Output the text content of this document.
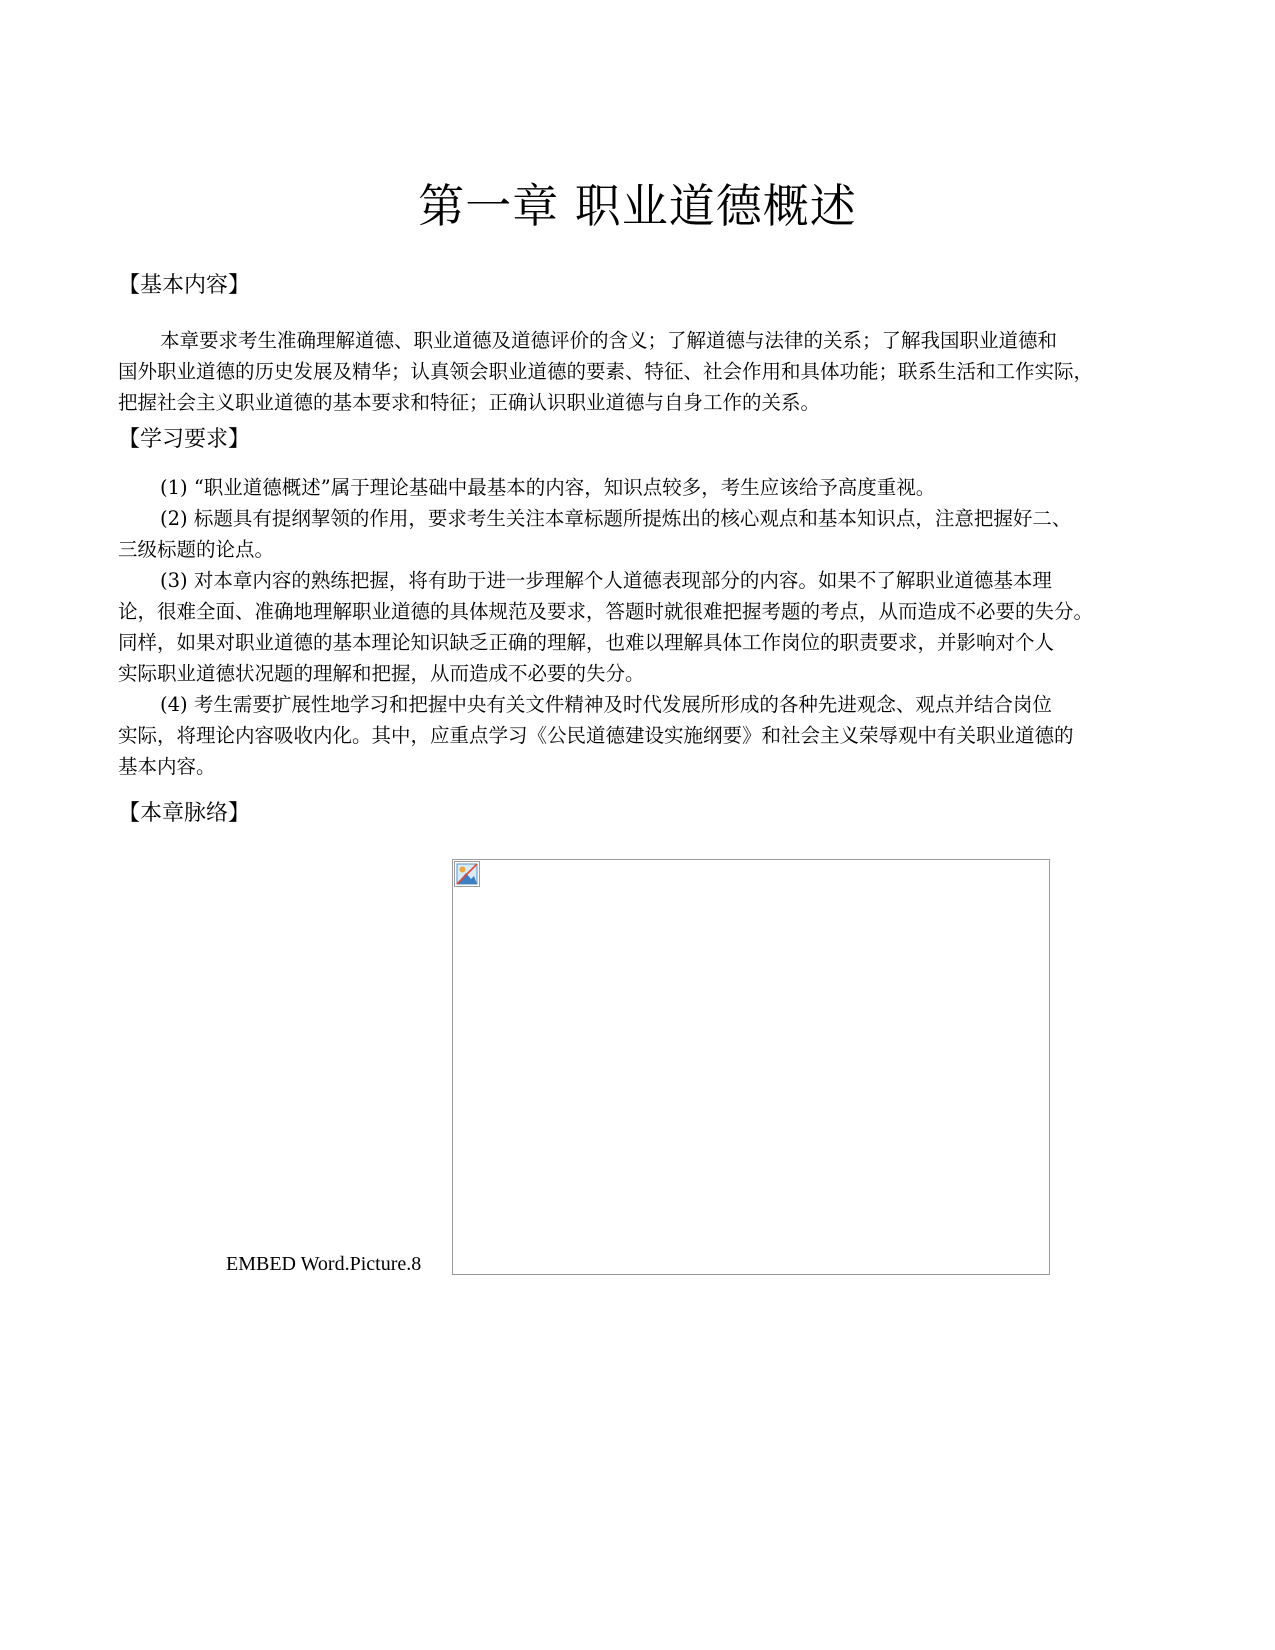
第一章 职业道德概述
【基本内容】
本章要求考生准确理解道德、职业道德及道德评价的含义；了解道德与法律的关系；了解我国职业道德和
国外职业道德的历史发展及精华；认真领会职业道德的要素、特征、社会作用和具体功能；联系生活和工作实际，
把握社会主义职业道德的基本要求和特征；正确认识职业道德与自身工作的关系。
【学习要求】
(1) “职业道德概述”属于理论基础中最基本的内容，知识点较多，考生应该给予高度重视。
(2) 标题具有提纲挈领的作用，要求考生关注本章标题所提炼出的核心观点和基本知识点，注意把握好二、
三级标题的论点。
(3) 对本章内容的熟练把握，将有助于进一步理解个人道德表现部分的内容。如果不了解职业道德基本理
论，很难全面、准确地理解职业道德的具体规范及要求，答题时就很难把握考题的考点，从而造成不必要的失分。
同样，如果对职业道德的基本理论知识缺乏正确的理解，也难以理解具体工作岗位的职责要求，并影响对个人
实际职业道德状况题的理解和把握，从而造成不必要的失分。
(4) 考生需要扩展性地学习和把握中央有关文件精神及时代发展所形成的各种先进观念、观点并结合岗位
实际，将理论内容吸收内化。其中，应重点学习《公民道德建设实施纲要》和社会主义荣辱观中有关职业道德的
基本内容。
【本章脉络】
EMBED Word.Picture.8
